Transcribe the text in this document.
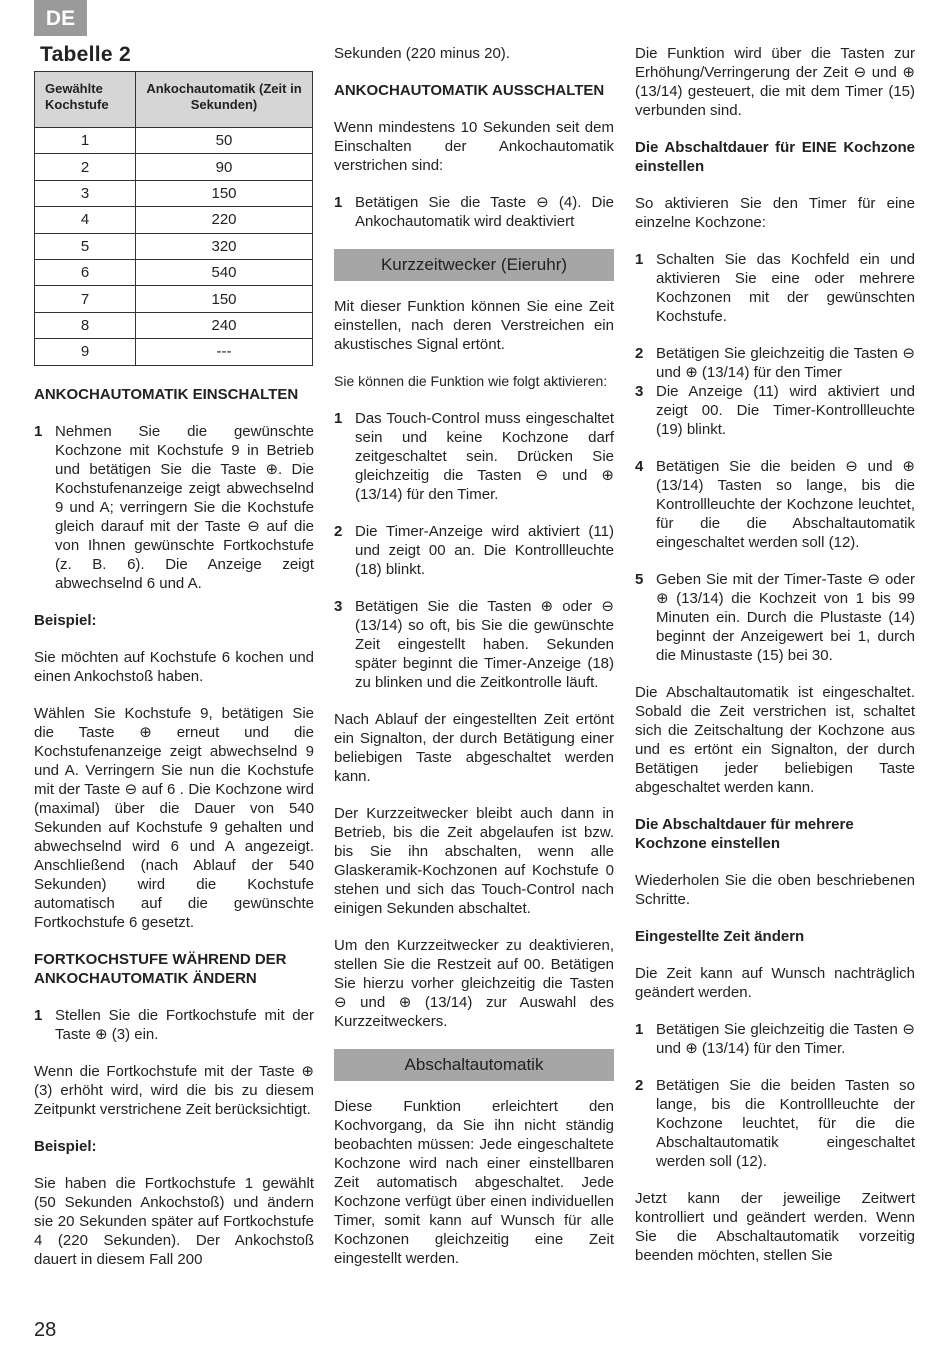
DE
Tabelle 2
Gewählte Kochstufe	Ankochautomatik (Zeit in Sekunden)
1	50
2	90
3	150
4	220
5	320
6	540
7	150
8	240
9	---
ANKOCHAUTOMATIK EINSCHALTEN
1 Nehmen Sie die gewünschte Kochzone mit Kochstufe 9 in Betrieb und betätigen Sie die Taste ⊕. Die Kochstufenanzeige zeigt abwechselnd 9 und A; verringern Sie die Kochstufe gleich darauf mit der Taste ⊖ auf die von Ihnen gewünschte Fortkochstufe (z. B. 6). Die Anzeige zeigt abwechselnd 6 und A.
Beispiel:

Sie möchten auf Kochstufe 6 kochen und einen Ankochstoß haben.

Wählen Sie Kochstufe 9, betätigen Sie die Taste ⊕ erneut und die Kochstufenanzeige zeigt abwechselnd 9 und A. Verringern Sie nun die Kochstufe mit der Taste ⊖ auf 6 . Die Kochzone wird (maximal) über die Dauer von 540 Sekunden auf Kochstufe 9 gehalten und abwechselnd wird 6 und A angezeigt. Anschließend (nach Ablauf der 540 Sekunden) wird die Kochstufe automatisch auf die gewünschte Fortkochstufe 6 gesetzt.

FORTKOCHSTUFE WÄHREND DER ANKOCHAUTOMATIK ÄNDERN
1 Stellen Sie die Fortkochstufe mit der Taste ⊕ (3) ein.

Wenn die Fortkochstufe mit der Taste ⊕ (3) erhöht wird, wird die bis zu diesem Zeitpunkt verstrichene Zeit berücksichtigt.

Beispiel:

Sie haben die Fortkochstufe 1 gewählt (50 Sekunden Ankochstoß) und ändern sie 20 Sekunden später auf Fortkochstufe 4 (220 Sekunden). Der Ankochstoß dauert in diesem Fall 200

Sekunden (220 minus 20).

ANKOCHAUTOMATIK AUSSCHALTEN

Wenn mindestens 10 Sekunden seit dem Einschalten der Ankochautomatik verstrichen sind:

1 Betätigen Sie die Taste ⊖ (4). Die Ankochautomatik wird deaktiviert
Kurzzeitwecker (Eieruhr)

Mit dieser Funktion können Sie eine Zeit einstellen, nach deren Verstreichen ein akustisches Signal ertönt.

Sie können die Funktion wie folgt aktivieren:

1 Das Touch-Control muss eingeschaltet sein und keine Kochzone darf zeitgeschaltet sein. Drücken Sie gleichzeitig die Tasten ⊖ und ⊕ (13/14) für den Timer.
2 Die Timer-Anzeige wird aktiviert (11) und zeigt 00 an. Die Kontrollleuchte (18) blinkt.
3 Betätigen Sie die Tasten ⊕ oder ⊖ (13/14) so oft, bis Sie die gewünschte Zeit eingestellt haben. Sekunden später beginnt die Timer-Anzeige (18) zu blinken und die Zeitkontrolle läuft.

Nach Ablauf der eingestellten Zeit ertönt ein Signalton, der durch Betätigung einer beliebigen Taste abgeschaltet werden kann.

Der Kurzzeitwecker bleibt auch dann in Betrieb, bis die Zeit abgelaufen ist bzw. bis Sie ihn abschalten, wenn alle Glaskeramik-Kochzonen auf Kochstufe 0 stehen und sich das Touch-Control nach einigen Sekunden abschaltet.

Um den Kurzzeitwecker zu deaktivieren, stellen Sie die Restzeit auf 00. Betätigen Sie hierzu vorher gleichzeitig die Tasten ⊖ und ⊕ (13/14) zur Auswahl des Kurzzeitweckers.

Abschaltautomatik

Diese Funktion erleichtert den Kochvorgang, da Sie ihn nicht ständig beobachten müssen: Jede eingeschaltete Kochzone wird nach einer einstellbaren Zeit automatisch abgeschaltet. Jede Kochzone verfügt über einen individuellen Timer, somit kann auf Wunsch für alle Kochzonen gleichzeitig eine Zeit eingestellt werden.

Die Funktion wird über die Tasten zur Erhöhung/Verringerung der Zeit ⊖ und ⊕ (13/14) gesteuert, die mit dem Timer (15) verbunden sind.

Die Abschaltdauer für EINE Kochzone einstellen

So aktivieren Sie den Timer für eine einzelne Kochzone:

1 Schalten Sie das Kochfeld ein und aktivieren Sie eine oder mehrere Kochzonen mit der gewünschten Kochstufe.
2 Betätigen Sie gleichzeitig die Tasten ⊖ und ⊕ (13/14) für den Timer
3 Die Anzeige (11) wird aktiviert und zeigt 00. Die Timer-Kontrollleuchte (19) blinkt.
4 Betätigen Sie die beiden ⊖ und ⊕ (13/14) Tasten so lange, bis die Kontrollleuchte der Kochzone leuchtet, für die die Abschaltautomatik eingeschaltet werden soll (12).
5 Geben Sie mit der Timer-Taste ⊖ oder ⊕ (13/14) die Kochzeit von 1 bis 99 Minuten ein. Durch die Plustaste (14) beginnt der Anzeigewert bei 1, durch die Minustaste (15) bei 30.

Die Abschaltautomatik ist eingeschaltet. Sobald die Zeit verstrichen ist, schaltet sich die Zeitschaltung der Kochzone aus und es ertönt ein Signalton, der durch Betätigen jeder beliebigen Taste abgeschaltet werden kann.

Die Abschaltdauer für mehrere Kochzone einstellen

Wiederholen Sie die oben beschriebenen Schritte.

Eingestellte Zeit ändern

Die Zeit kann auf Wunsch nachträglich geändert werden.

1 Betätigen Sie gleichzeitig die Tasten ⊖ und ⊕ (13/14) für den Timer.
2 Betätigen Sie die beiden Tasten so lange, bis die Kontrollleuchte der Kochzone leuchtet, für die die Abschaltautomatik eingeschaltet werden soll (12).

Jetzt kann der jeweilige Zeitwert kontrolliert und geändert werden. Wenn Sie die Abschaltautomatik vorzeitig beenden möchten, stellen Sie

28
